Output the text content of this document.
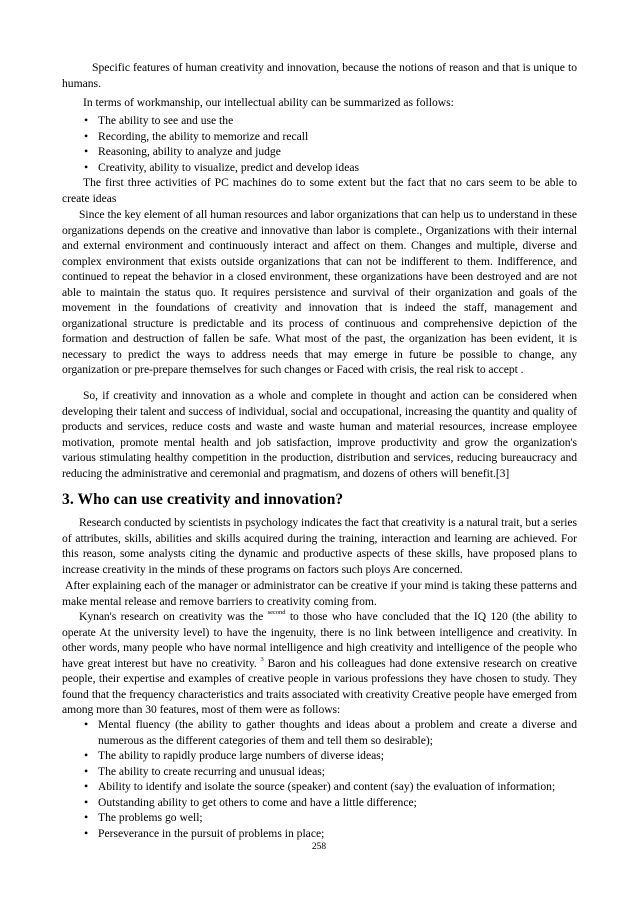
Specific features of human creativity and innovation, because the notions of reason and that is unique to humans.

In terms of workmanship, our intellectual ability can be summarized as follows:

• The ability to see and use the
• Recording, the ability to memorize and recall
• Reasoning, ability to analyze and judge
• Creativity, ability to visualize, predict and develop ideas

The first three activities of PC machines do to some extent but the fact that no cars seem to be able to create ideas

Since the key element of all human resources and labor organizations that can help us to understand in these organizations depends on the creative and innovative than labor is complete., Organizations with their internal and external environment and continuously interact and affect on them. Changes and multiple, diverse and complex environment that exists outside organizations that can not be indifferent to them. Indifference, and continued to repeat the behavior in a closed environment, these organizations have been destroyed and are not able to maintain the status quo. It requires persistence and survival of their organization and goals of the movement in the foundations of creativity and innovation that is indeed the staff, management and organizational structure is predictable and its process of continuous and comprehensive depiction of the formation and destruction of fallen be safe. What most of the past, the organization has been evident, it is necessary to predict the ways to address needs that may emerge in future be possible to change, any organization or pre-prepare themselves for such changes or Faced with crisis, the real risk to accept .

So, if creativity and innovation as a whole and complete in thought and action can be considered when developing their talent and success of individual, social and occupational, increasing the quantity and quality of products and services, reduce costs and waste and waste human and material resources, increase employee motivation, promote mental health and job satisfaction, improve productivity and grow the organization's various stimulating healthy competition in the production, distribution and services, reducing bureaucracy and reducing the administrative and ceremonial and pragmatism, and dozens of others will benefit.[3]

3. Who can use creativity and innovation?

Research conducted by scientists in psychology indicates the fact that creativity is a natural trait, but a series of attributes, skills, abilities and skills acquired during the training, interaction and learning are achieved. For this reason, some analysts citing the dynamic and productive aspects of these skills, have proposed plans to increase creativity in the minds of these programs on factors such ploys Are concerned.

After explaining each of the manager or administrator can be creative if your mind is taking these patterns and make mental release and remove barriers to creativity coming from.

Kynan's research on creativity was the $^{second}$ to those who have concluded that the IQ 120 (the ability to operate At the university level) to have the ingenuity, there is no link between intelligence and creativity. In other words, many people who have normal intelligence and high creativity and intelligence of the people who have great interest but have no creativity. $^3$ Baron and his colleagues had done extensive research on creative people, their expertise and examples of creative people in various professions they have chosen to study. They found that the frequency characteristics and traits associated with creativity Creative people have emerged from among more than 30 features, most of them were as follows:

• Mental fluency (the ability to gather thoughts and ideas about a problem and create a diverse and numerous as the different categories of them and tell them so desirable);
• The ability to rapidly produce large numbers of diverse ideas;
• The ability to create recurring and unusual ideas;
• Ability to identify and isolate the source (speaker) and content (say) the evaluation of information;
• Outstanding ability to get others to come and have a little difference;
• The problems go well;
• Perseverance in the pursuit of problems in place;
258
